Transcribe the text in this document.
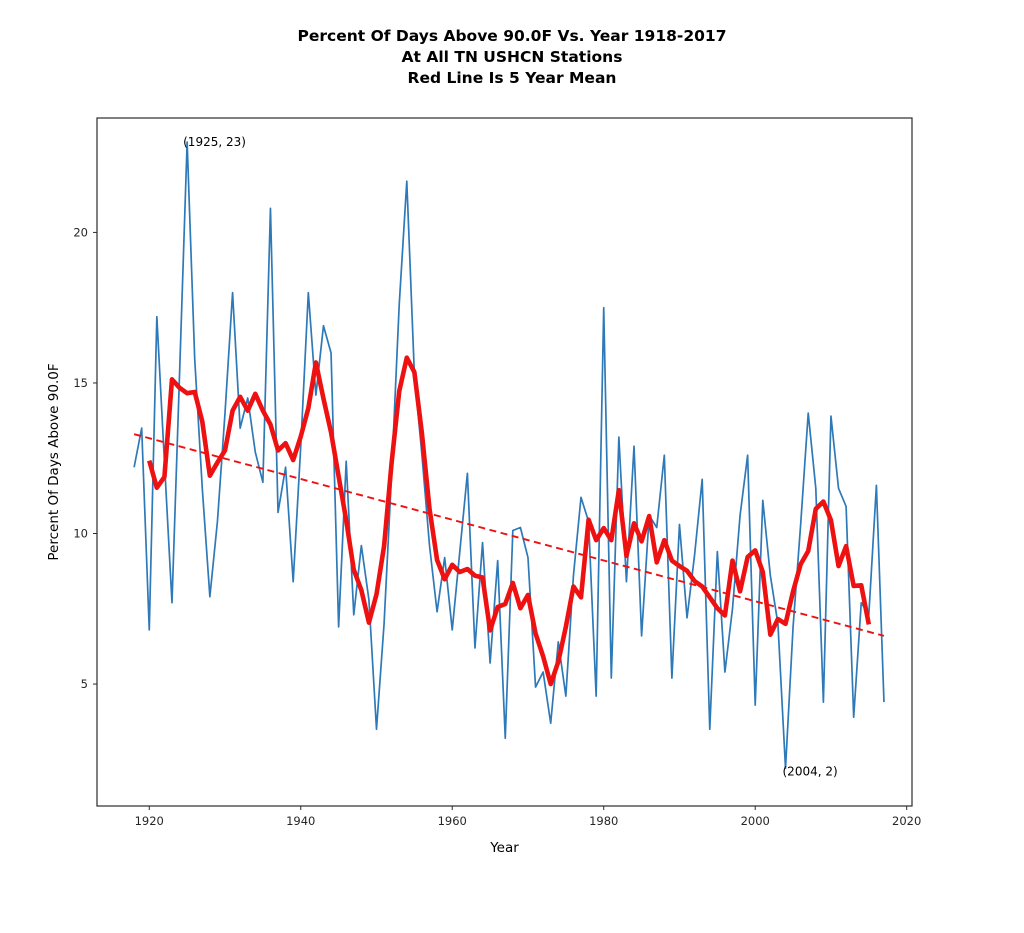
Percent Of Days Above 90.0F Vs. Year 1918-2017
At All TN USHCN Stations
Red Line Is 5 Year Mean
1920	1940	1960	1980	2000	2020
5
10
15
20
Year
Percent Of Days Above 90.0F
(1925, 23)
(2004, 2)
